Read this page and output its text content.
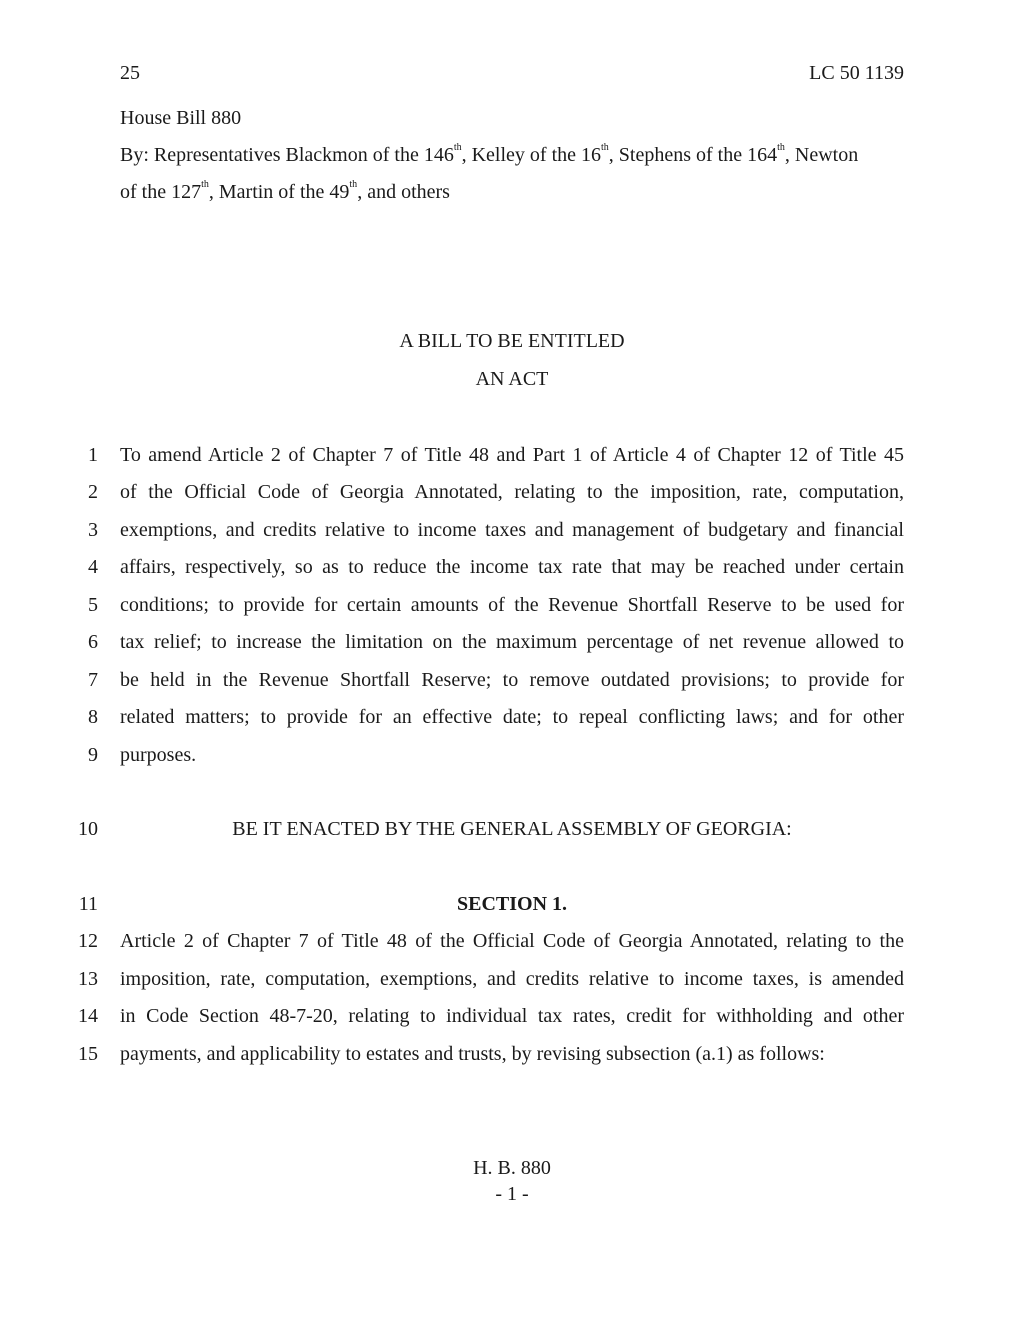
25	LC 50 1139
House Bill 880
By: Representatives Blackmon of the 146th, Kelley of the 16th, Stephens of the 164th, Newton
of the 127th, Martin of the 49th, and others
A BILL TO BE ENTITLED
AN ACT
1 To amend Article 2 of Chapter 7 of Title 48 and Part 1 of Article 4 of Chapter 12 of Title 45
2 of the Official Code of Georgia Annotated, relating to the imposition, rate, computation,
3 exemptions, and credits relative to income taxes and management of budgetary and financial
4 affairs, respectively, so as to reduce the income tax rate that may be reached under certain
5 conditions; to provide for certain amounts of the Revenue Shortfall Reserve to be used for
6 tax relief; to increase the limitation on the maximum percentage of net revenue allowed to
7 be held in the Revenue Shortfall Reserve; to remove outdated provisions; to provide for
8 related matters; to provide for an effective date; to repeal conflicting laws; and for other
9 purposes.
10	BE IT ENACTED BY THE GENERAL ASSEMBLY OF GEORGIA:
11	SECTION 1.
12 Article 2 of Chapter 7 of Title 48 of the Official Code of Georgia Annotated, relating to the
13 imposition, rate, computation, exemptions, and credits relative to income taxes, is amended
14 in Code Section 48-7-20, relating to individual tax rates, credit for withholding and other
15 payments, and applicability to estates and trusts, by revising subsection (a.1) as follows:
H. B. 880
- 1 -
